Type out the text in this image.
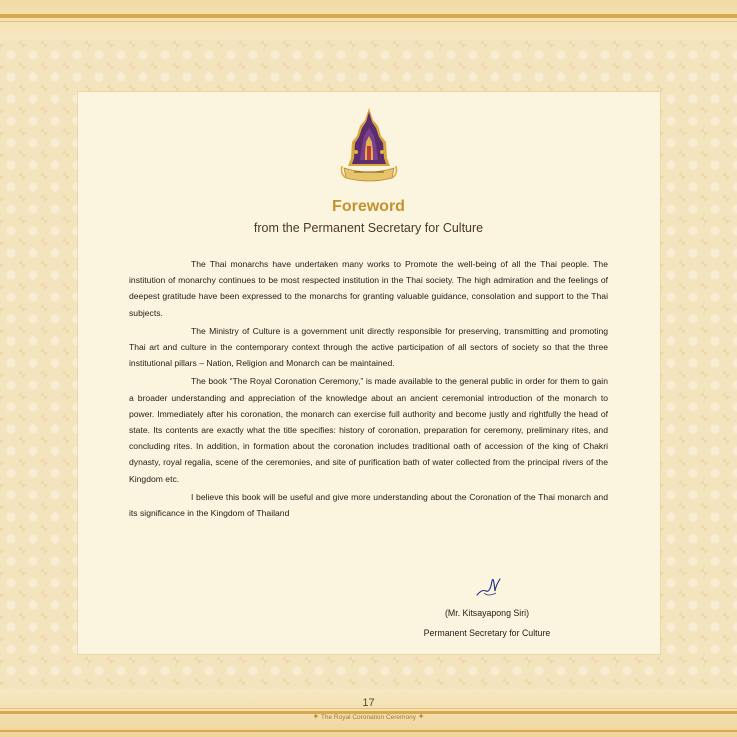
Foreword
from the Permanent Secretary for Culture

The Thai monarchs have undertaken many works to Promote the well-being of all the Thai people. The institution of monarchy continues to be most respected institution in the Thai society. The high admiration and the feelings of deepest gratitude have been expressed to the monarchs for granting valuable guidance, consolation and support to the Thai subjects.

The Ministry of Culture is a government unit directly responsible for preserving, transmitting and promoting Thai art and culture in the contemporary context through the active participation of all sectors of society so that the three institutional pillars – Nation, Religion and Monarch can be maintained.

The book “The Royal Coronation Ceremony,” is made available to the general public in order for them to gain a broader understanding and appreciation of the knowledge about an ancient ceremonial introduction of the monarch to power. Immediately after his coronation, the monarch can exercise full authority and become justly and rightfully the head of state. Its contents are exactly what the title specifies: history of coronation, preparation for ceremony, preliminary rites, and concluding rites. In addition, in formation about the coronation includes traditional oath of accession of the king of Chakri dynasty, royal regalia, scene of the ceremonies, and site of purification bath of water collected from the principal rivers of the Kingdom etc.

I believe this book will be useful and give more understanding about the Coronation of the Thai monarch and its significance in the Kingdom of Thailand

(Mr. Kitsayapong Siri)
Permanent Secretary for Culture
17
✦ The Royal Coronation Ceremony ✦
